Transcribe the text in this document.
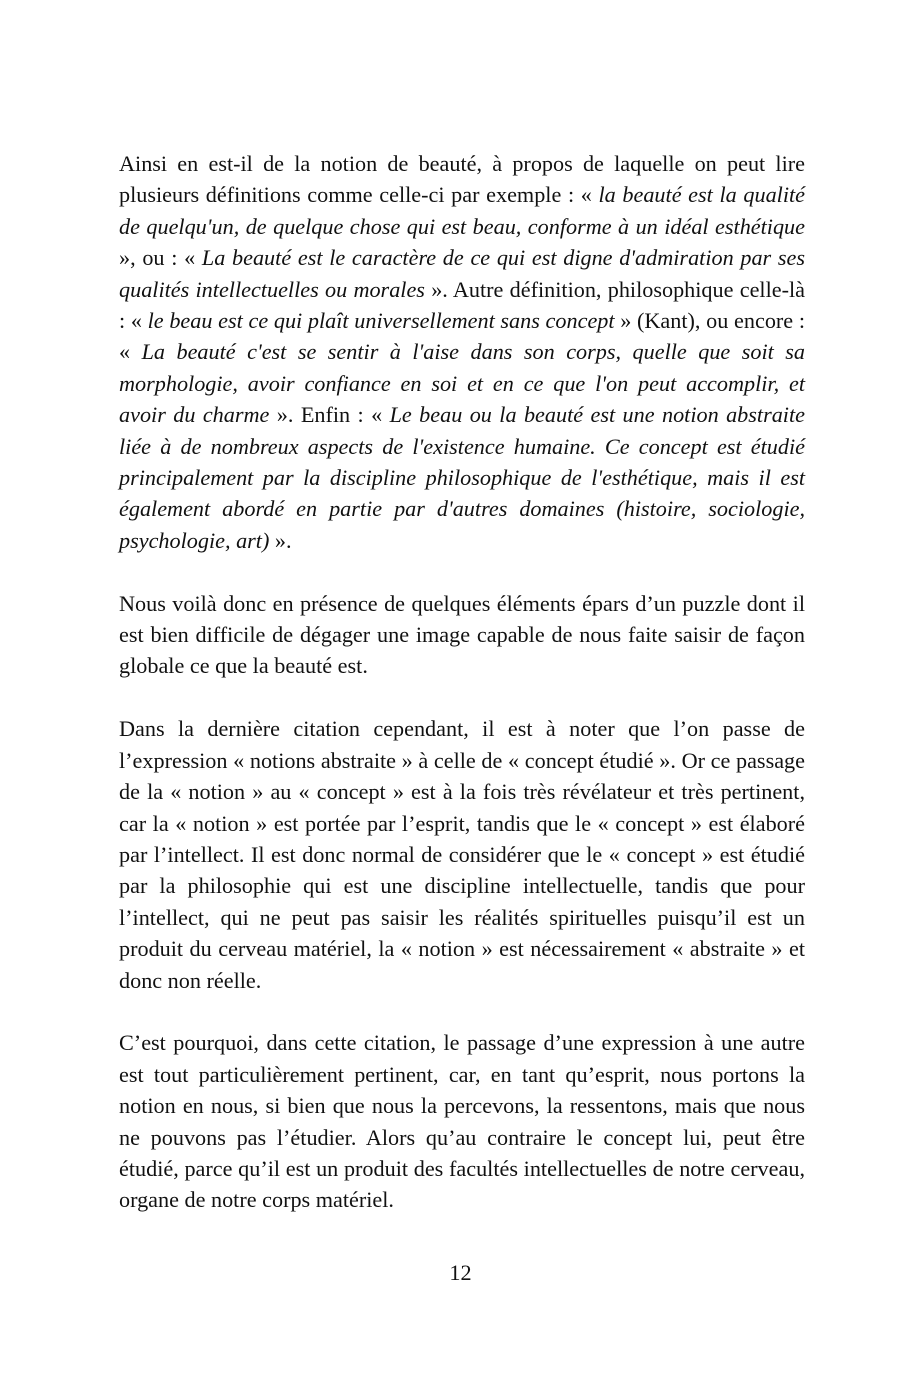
Ainsi en est-il de la notion de beauté, à propos de laquelle on peut lire plusieurs définitions comme celle-ci par exemple : « la beauté est la qualité de quelqu'un, de quelque chose qui est beau, conforme à un idéal esthétique », ou : « La beauté est le caractère de ce qui est digne d'admiration par ses qualités intellectuelles ou morales ». Autre définition, philosophique celle-là : « le beau est ce qui plaît universellement sans concept » (Kant), ou encore : « La beauté c'est se sentir à l'aise dans son corps, quelle que soit sa morphologie, avoir confiance en soi et en ce que l'on peut accomplir, et avoir du charme ». Enfin : « Le beau ou la beauté est une notion abstraite liée à de nombreux aspects de l'existence humaine. Ce concept est étudié principalement par la discipline philosophique de l'esthétique, mais il est également abordé en partie par d'autres domaines (histoire, sociologie, psychologie, art) ».

Nous voilà donc en présence de quelques éléments épars d’un puzzle dont il est bien difficile de dégager une image capable de nous faite saisir de façon globale ce que la beauté est.

Dans la dernière citation cependant, il est à noter que l’on passe de l’expression « notions abstraite » à celle de « concept étudié ». Or ce passage de la « notion » au « concept » est à la fois très révélateur et très pertinent, car la « notion » est portée par l’esprit, tandis que le « concept » est élaboré par l’intellect. Il est donc normal de considérer que le « concept » est étudié par la philosophie qui est une discipline intellectuelle, tandis que pour l’intellect, qui ne peut pas saisir les réalités spirituelles puisqu’il est un produit du cerveau matériel, la « notion » est nécessairement « abstraite » et donc non réelle.

C’est pourquoi, dans cette citation, le passage d’une expression à une autre est tout particulièrement pertinent, car, en tant qu’esprit, nous portons la notion en nous, si bien que nous la percevons, la ressentons, mais que nous ne pouvons pas l’étudier. Alors qu’au contraire le concept lui, peut être étudié, parce qu’il est un produit des facultés intellectuelles de notre cerveau, organe de notre corps matériel.

12
